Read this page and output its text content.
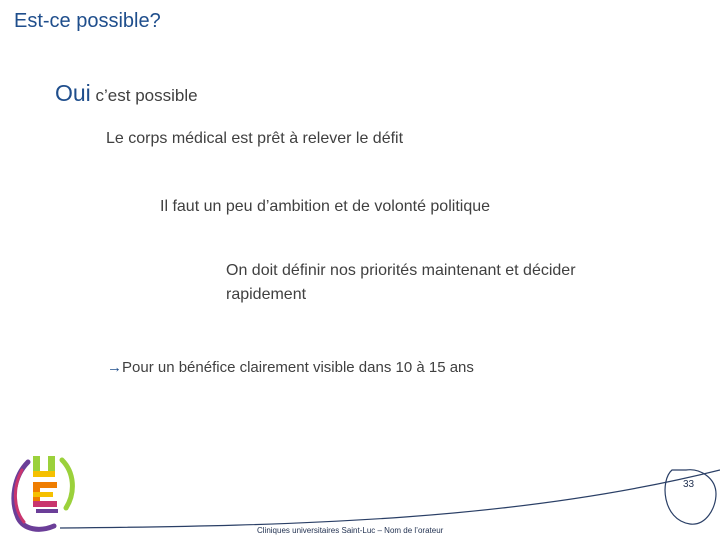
Est-ce possible?
Oui c’est possible
Le corps médical est prêt à relever le défit
Il faut un peu d’ambition et de volonté politique
On doit définir nos priorités maintenant et décider rapidement
→Pour un bénéfice clairement visible dans 10 à 15 ans
33
Cliniques universitaires Saint-Luc – Nom de l’orateur
